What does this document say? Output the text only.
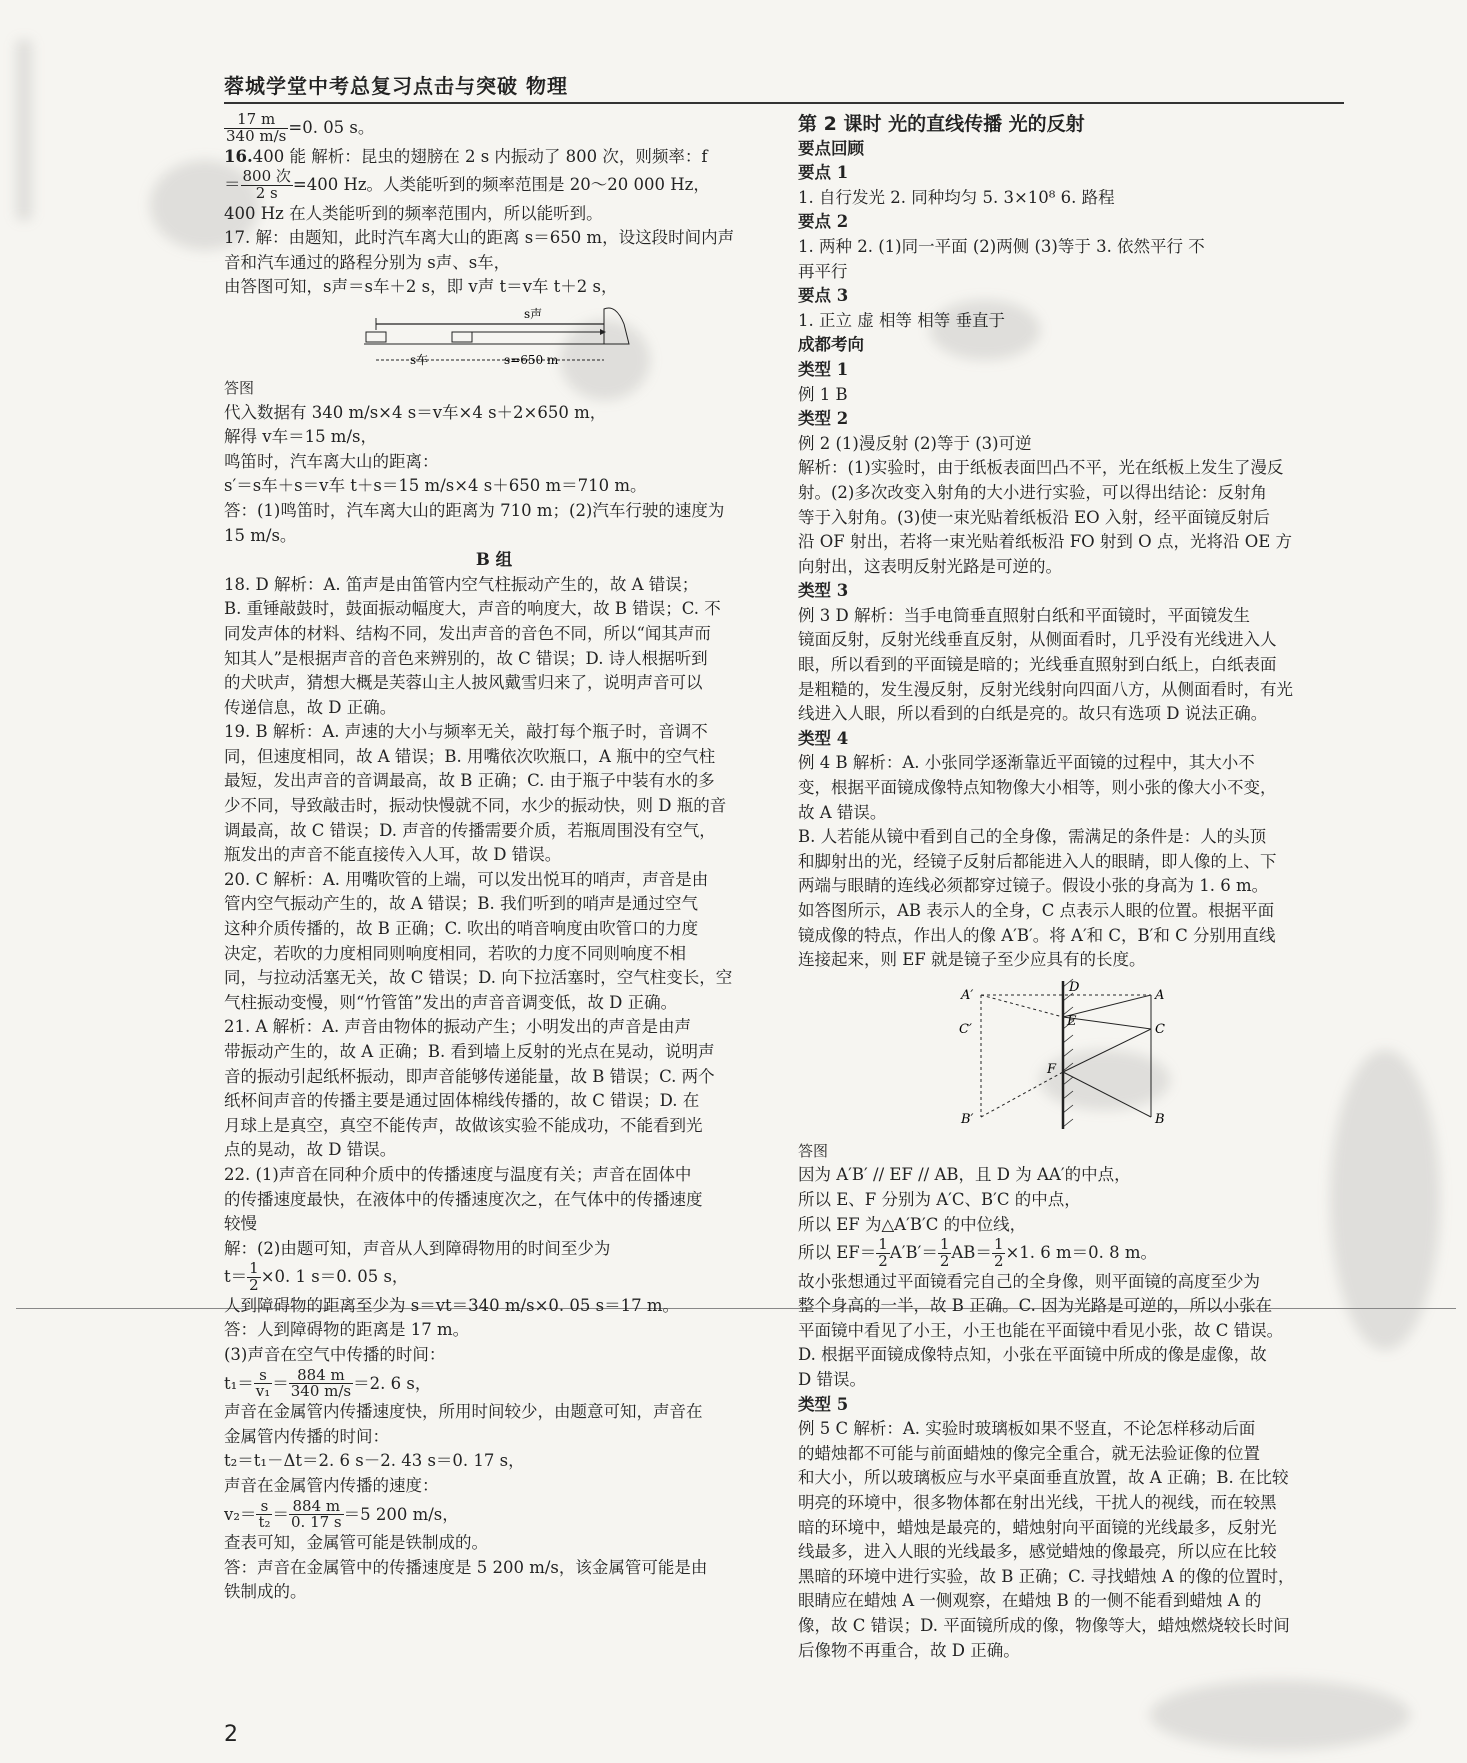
蓉城学堂中考总复习点击与突破 物理

$\frac{17 m}{340 m/s} =0$. 05 s。

16.400 能 解析：昆虫的翅膀在 2 s 内振动了 800 次，则频率：f

＝ $\frac{\text{800 次}}{2 s} =400$ Hz。人类能听到的频率范围是 20～20 000 Hz，

400 Hz 在人类能听到的频率范围内，所以能听到。

17. 解：由题知，此时汽车离大山的距离 s＝650 m，设这段时间内声

音和汽车通过的路程分别为 s声、s车，

由答图可知，s声＝s车＋2 s，即 v声 t＝v车 t＋2 s，

s声
s车	s=650 m

答图

代入数据有 340 m/s×4 s＝v车×4 s＋2×650 m，

解得 v车＝15 m/s，

鸣笛时，汽车离大山的距离：

s′＝s车＋s＝v车 t＋s＝15 m/s×4 s＋650 m＝710 m。

答：(1)鸣笛时，汽车离大山的距离为 710 m；(2)汽车行驶的速度为

15 m/s。

B 组

18. D 解析：A. 笛声是由笛管内空气柱振动产生的，故 A 错误；

B. 重锤敲鼓时，鼓面振动幅度大，声音的响度大，故 B 错误；C. 不

同发声体的材料、结构不同，发出声音的音色不同，所以“闻其声而

知其人”是根据声音的音色来辨别的，故 C 错误；D. 诗人根据听到

的犬吠声，猜想大概是芙蓉山主人披风戴雪归来了，说明声音可以

传递信息，故 D 正确。

19. B 解析：A. 声速的大小与频率无关，敲打每个瓶子时，音调不

同，但速度相同，故 A 错误；B. 用嘴依次吹瓶口，A 瓶中的空气柱

最短，发出声音的音调最高，故 B 正确；C. 由于瓶子中装有水的多

少不同，导致敲击时，振动快慢就不同，水少的振动快，则 D 瓶的音

调最高，故 C 错误；D. 声音的传播需要介质，若瓶周围没有空气，

瓶发出的声音不能直接传入人耳，故 D 错误。

20. C 解析：A. 用嘴吹管的上端，可以发出悦耳的哨声，声音是由

管内空气振动产生的，故 A 错误；B. 我们听到的哨声是通过空气

这种介质传播的，故 B 正确；C. 吹出的哨音响度由吹管口的力度

决定，若吹的力度相同则响度相同，若吹的力度不同则响度不相

同，与拉动活塞无关，故 C 错误；D. 向下拉活塞时，空气柱变长，空

气柱振动变慢，则“竹管笛”发出的声音音调变低，故 D 正确。

21. A 解析：A. 声音由物体的振动产生；小明发出的声音是由声

带振动产生的，故 A 正确；B. 看到墙上反射的光点在晃动，说明声

音的振动引起纸杯振动，即声音能够传递能量，故 B 错误；C. 两个

纸杯间声音的传播主要是通过固体棉线传播的，故 C 错误；D. 在

月球上是真空，真空不能传声，故做该实验不能成功，不能看到光

点的晃动，故 D 错误。

22. (1)声音在同种介质中的传播速度与温度有关；声音在固体中

的传播速度最快，在液体中的传播速度次之，在气体中的传播速度

较慢

解：(2)由题可知，声音从人到障碍物用的时间至少为

$t= \frac{1}{2} \times 0$. 1 s＝0. 05 s，

人到障碍物的距离至少为 s＝vt＝340 m/s×0. 05 s＝17 m。

答：人到障碍物的距离是 17 m。

(3)声音在空气中传播的时间：

$t_1= \frac{s}{\text{v₁}} = \frac{884 m}{340 m/s} =2$. 6 s，

声音在金属管内传播速度快，所用时间较少，由题意可知，声音在

金属管内传播的时间：

t₂＝t₁－Δt＝2. 6 s－2. 43 s＝0. 17 s，

声音在金属管内传播的速度：

$v_2= \frac{s}{\text{t₂}} = \frac{884 m}{0. 17 s} =5$ 200 m/s，

查表可知，金属管可能是铁制成的。

答：声音在金属管中的传播速度是 5 200 m/s，该金属管可能是由

铁制成的。

第 2 课时 光的直线传播 光的反射

要点回顾

要点 1

1. 自行发光 2. 同种均匀 5. 3×10⁸ 6. 路程

要点 2

1. 两种 2. (1)同一平面 (2)两侧 (3)等于 3. 依然平行 不

再平行

要点 3

1. 正立 虚 相等 相等 垂直于

成都考向

类型 1

例 1 B

类型 2

例 2 (1)漫反射 (2)等于 (3)可逆

解析：(1)实验时，由于纸板表面凹凸不平，光在纸板上发生了漫反

射。(2)多次改变入射角的大小进行实验，可以得出结论：反射角

等于入射角。(3)使一束光贴着纸板沿 EO 入射，经平面镜反射后

沿 OF 射出，若将一束光贴着纸板沿 FO 射到 O 点，光将沿 OE 方

向射出，这表明反射光路是可逆的。

类型 3

例 3 D 解析：当手电筒垂直照射白纸和平面镜时，平面镜发生

镜面反射，反射光线垂直反射，从侧面看时，几乎没有光线进入人

眼，所以看到的平面镜是暗的；光线垂直照射到白纸上，白纸表面

是粗糙的，发生漫反射，反射光线射向四面八方，从侧面看时，有光

线进入人眼，所以看到的白纸是亮的。故只有选项 D 说法正确。

类型 4

例 4 B 解析：A. 小张同学逐渐靠近平面镜的过程中，其大小不

变，根据平面镜成像特点知物像大小相等，则小张的像大小不变，

故 A 错误。

B. 人若能从镜中看到自己的全身像，需满足的条件是：人的头顶

和脚射出的光，经镜子反射后都能进入人的眼睛，即人像的上、下

两端与眼睛的连线必须都穿过镜子。假设小张的身高为 1. 6 m。

如答图所示，AB 表示人的全身，C 点表示人眼的位置。根据平面

镜成像的特点，作出人的像 A′B′。将 A′和 C，B′和 C 分别用直线

连接起来，则 EF 就是镜子至少应具有的长度。

A′
D
A
E
C′	C
F
B′	B

答图

因为 A′B′ // EF // AB，且 D 为 AA′的中点，

所以 E、F 分别为 A′C、B′C 的中点，

所以 EF 为△A′B′C 的中位线，

所以 $EF= \frac{1}{2} A'B'= \frac{1}{2} AB= \frac{1}{2} \times 1$. 6 m＝0. 8 m。

故小张想通过平面镜看完自己的全身像，则平面镜的高度至少为

整个身高的一半，故 B 正确。C. 因为光路是可逆的，所以小张在

平面镜中看见了小王，小王也能在平面镜中看见小张，故 C 错误。

D. 根据平面镜成像特点知，小张在平面镜中所成的像是虚像，故

D 错误。

类型 5

例 5 C 解析：A. 实验时玻璃板如果不竖直，不论怎样移动后面

的蜡烛都不可能与前面蜡烛的像完全重合，就无法验证像的位置

和大小，所以玻璃板应与水平桌面垂直放置，故 A 正确；B. 在比较

明亮的环境中，很多物体都在射出光线，干扰人的视线，而在较黑

暗的环境中，蜡烛是最亮的，蜡烛射向平面镜的光线最多，反射光

线最多，进入人眼的光线最多，感觉蜡烛的像最亮，所以应在比较

黑暗的环境中进行实验，故 B 正确；C. 寻找蜡烛 A 的像的位置时，

眼睛应在蜡烛 A 一侧观察，在蜡烛 B 的一侧不能看到蜡烛 A 的

像，故 C 错误；D. 平面镜所成的像，物像等大，蜡烛燃烧较长时间

后像物不再重合，故 D 正确。

2
